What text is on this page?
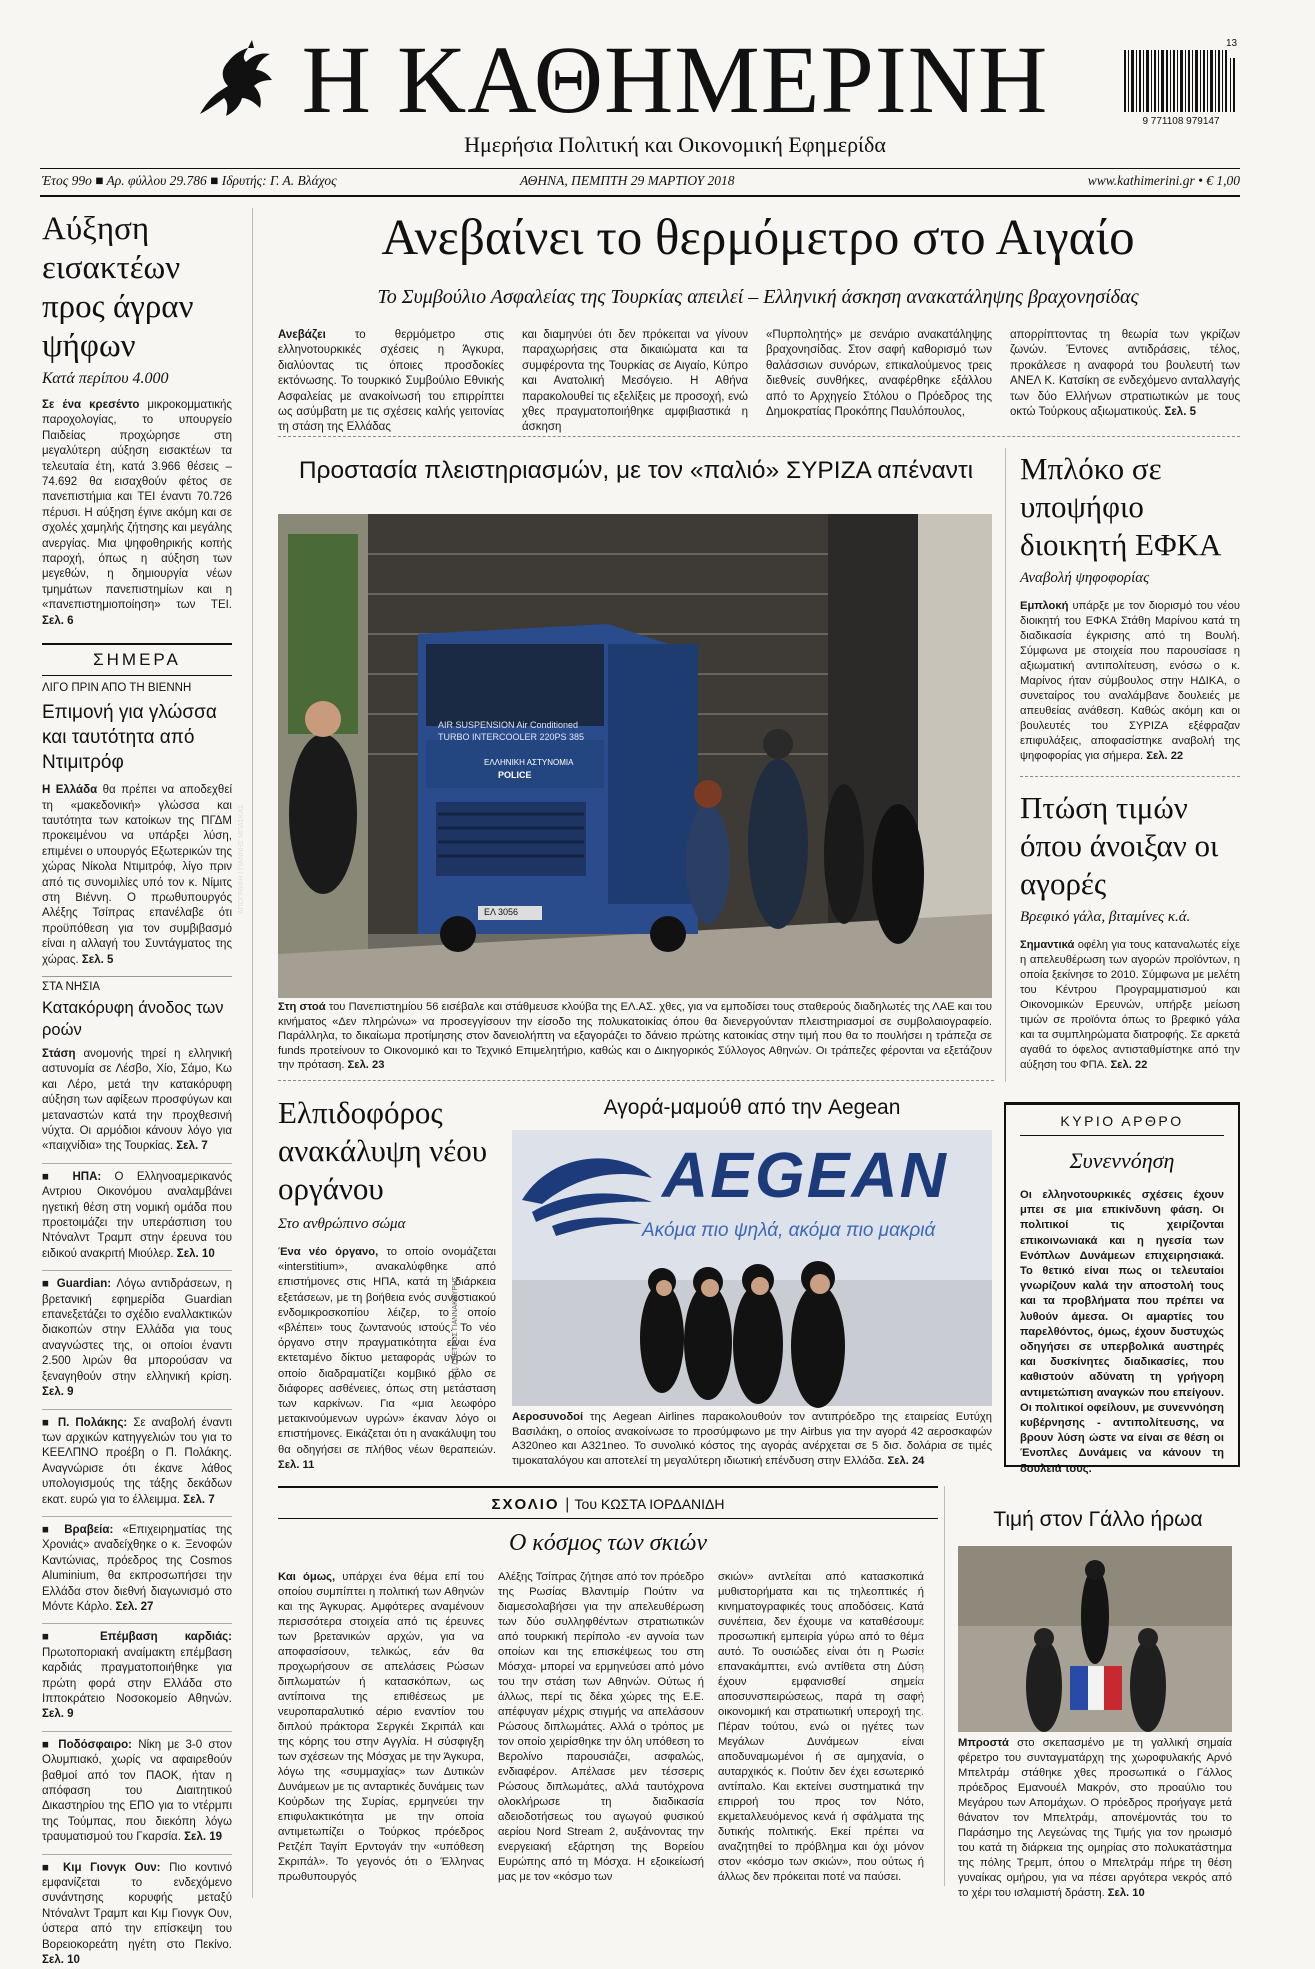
Η ΚΑΘΗΜΕΡΙΝΗ
Ημερήσια Πολιτική και Οικονομική Εφημερίδα
9 771108 979147
13
Έτος 99ο ■ Αρ. φύλλου 29.786 ■ Ιδρυτής: Γ. Α. Βλάχος	ΑΘΗΝΑ, ΠΕΜΠΤΗ 29 ΜΑΡΤΙΟΥ 2018	www.kathimerini.gr • € 1,00
Αύξηση εισακτέων προς άγραν ψήφων
Κατά περίπου 4.000

Σε ένα κρεσέντο μικροκομματικής παροχολογίας, το υπουργείο Παιδείας προχώρησε στη μεγαλύτερη αύξηση εισακτέων τα τελευταία έτη, κατά 3.966 θέσεις – 74.692 θα εισαχθούν φέτος σε πανεπιστήμια και ΤΕΙ έναντι 70.726 πέρυσι. Η αύξηση έγινε ακόμη και σε σχολές χαμηλής ζήτησης και μεγάλης ανεργίας. Μια ψηφοθηρικής κοπής παροχή, όπως η αύξηση των μεγεθών, η δημιουργία νέων τμημάτων πανεπιστημίων και η «πανεπιστημιοποίηση» των ΤΕΙ. Σελ. 6

ΣΗΜΕΡΑ
ΛΙΓΟ ΠΡΙΝ ΑΠΟ ΤΗ ΒΙΕΝΝΗ
Επιμονή για γλώσσα και ταυτότητα από Ντιμιτρόφ

Η Ελλάδα θα πρέπει να αποδεχθεί τη «μακεδονική» γλώσσα και ταυτότητα των κατοίκων της ΠΓΔΜ προκειμένου να υπάρξει λύση, επιμένει ο υπουργός Εξωτερικών της χώρας Νίκολα Ντιμιτρόφ, λίγο πριν από τις συνομιλίες υπό τον κ. Νίμιτς στη Βιέννη. Ο πρωθυπουργός Αλέξης Τσίπρας επανέλαβε ότι προϋπόθεση για τον συμβιβασμό είναι η αλλαγή του Συντάγματος της χώρας. Σελ. 5

ΣΤΑ ΝΗΣΙΑ
Κατακόρυφη άνοδος των ροών

Στάση ανομονής τηρεί η ελληνική αστυνομία σε Λέσβο, Χίο, Σάμο, Κω και Λέρο, μετά την κατακόρυφη αύξηση των αφίξεων προσφύγων και μεταναστών κατά την προχθεσινή νύχτα. Οι αρμόδιοι κάνουν λόγο για «παιχνίδια» της Τουρκίας. Σελ. 7

■ ΗΠΑ: Ο Ελληνοαμερικανός Αντριου Οικονόμου αναλαμβάνει ηγετική θέση στη νομική ομάδα που προετοιμάζει την υπεράσπιση του Ντόναλντ Τραμπ στην έρευνα του ειδικού ανακριτή Μιούλερ. Σελ. 10

■ Guardian: Λόγω αντιδράσεων, η βρετανική εφημερίδα Guardian επανεξετάζει το σχέδιο εναλλακτικών διακοπών στην Ελλάδα για τους αναγνώστες της, οι οποίοι έναντι 2.500 λιρών θα μπορούσαν να ξεναγηθούν στην ελληνική κρίση. Σελ. 9

■ Π. Πολάκης: Σε αναβολή έναντι των αρχικών κατηγγελιών του για το ΚΕΕΛΠΝΟ προέβη ο Π. Πολάκης. Αναγνώρισε ότι έκανε λάθος υπολογισμούς της τάξης δεκάδων εκατ. ευρώ για το έλλειμμα. Σελ. 7

■ Βραβεία: «Επιχειρηματίας της Χρονιάς» αναδείχθηκε ο κ. Ξενοφών Καντώνιας, πρόεδρος της Cosmos Aluminium, θα εκπροσωπήσει την Ελλάδα στον διεθνή διαγωνισμό στο Μόντε Κάρλο. Σελ. 27

■ Επέμβαση καρδιάς: Πρωτοποριακή αναίμακτη επέμβαση καρδιάς πραγματοποιήθηκε για πρώτη φορά στην Ελλάδα στο Ιπποκράτειο Νοσοκομείο Αθηνών. Σελ. 9

■ Ποδόσφαιρο: Νίκη με 3-0 στον Ολυμπιακό, χωρίς να αφαιρεθούν βαθμοί από τον ΠΑΟΚ, ήταν η απόφαση του Διαιτητικού Δικαστηρίου της ΕΠΟ για το ντέρμπι της Τούμπας, που διεκόπη λόγω τραυματισμού του Γκαρσία. Σελ. 19

■ Κιμ Γιονγκ Ουν: Πιο κοντινό εμφανίζεται το ενδεχόμενο συνάντησης κορυφής μεταξύ Ντόναλντ Τραμπ και Κιμ Γιονγκ Ουν, ύστερα από την επίσκεψη του Βορειοκορεάτη ηγέτη στο Πεκίνο. Σελ. 10

Ανεβαίνει το θερμόμετρο στο Αιγαίο
Το Συμβούλιο Ασφαλείας της Τουρκίας απειλεί – Ελληνική άσκηση ανακατάληψης βραχονησίδας

Ανεβάζει το θερμόμετρο στις ελληνοτουρκικές σχέσεις η Άγκυρα, διαλύοντας τις όποιες προσδοκίες εκτόνωσης. Το τουρκικό Συμβούλιο Εθνικής Ασφαλείας με ανακοίνωσή του επιρρίπτει ως ασύμβατη με τις σχέσεις καλής γειτονίας τη στάση της Ελλάδας

και διαμηνύει ότι δεν πρόκειται να γίνουν παραχωρήσεις στα δικαιώματα και τα συμφέροντα της Τουρκίας σε Αιγαίο, Κύπρο και Ανατολική Μεσόγειο. Η Αθήνα παρακολουθεί τις εξελίξεις με προσοχή, ενώ χθες πραγματοποιήθηκε αμφιβιαστικά η άσκηση

«Πυρπολητής» με σενάριο ανακατάληψης βραχονησίδας. Στον σαφή καθορισμό των θαλάσσιων συνόρων, επικαλούμενος τρεις διεθνείς συνθήκες, αναφέρθηκε εξάλλου από το Αρχηγείο Στόλου ο Πρόεδρος της Δημοκρατίας Προκόπης Παυλόπουλος,

απορρίπτοντας τη θεωρία των γκρίζων ζωνών. Έντονες αντιδράσεις, τέλος, προκάλεσε η αναφορά του βουλευτή των ΑΝΕΛ Κ. Κατσίκη σε ενδεχόμενο ανταλλαγής των δύο Ελλήνων στρατιωτικών με τους οκτώ Τούρκους αξιωματικούς. Σελ. 5

Προστασία πλειστηριασμών, με τον «παλιό» ΣΥΡΙΖΑ απέναντι
AIR SUSPENSION Air Conditioned
TURBO INTERCOOLER 220PS 385
ΕΛΛΗΝΙΚΗ ΑΣΤΥΝΟΜΙΑ
POLICE
ΕΛ 3056
ΑΠΟΓΡΑΦΗ / ΓΙΑΝΝΗΣ ΜΠΑΣΚΑΣ

Στη στοά του Πανεπιστημίου 56 εισέβαλε και στάθμευσε κλούβα της ΕΛ.ΑΣ. χθες, για να εμποδίσει τους σταθερούς διαδηλωτές της ΛΑΕ και του κινήματος «Δεν πληρώνω» να προσεγγίσουν την είσοδο της πολυκατοικίας όπου θα διενεργούνταν πλειστηριασμοί σε συμβολαιογραφείο. Παράλληλα, το δικαίωμα προτίμησης στον δανειολήπτη να εξαγοράζει το δάνειο πρώτης κατοικίας στην τιμή που θα το πουλήσει η τράπεζα σε funds προτείνουν το Οικονομικό και το Τεχνικό Επιμελητήριο, καθώς και ο Δικηγορικός Σύλλογος Αθηνών. Οι τράπεζες φέρονται να εξετάζουν την πρόταση. Σελ. 23

Μπλόκο σε υποψήφιο διοικητή ΕΦΚΑ
Αναβολή ψηφοφορίας

Εμπλοκή υπάρξε με τον διορισμό του νέου διοικητή του ΕΦΚΑ Στάθη Μαρίνου κατά τη διαδικασία έγκρισης από τη Βουλή. Σύμφωνα με στοιχεία που παρουσίασε η αξιωματική αντιπολίτευση, ενόσω ο κ. Μαρίνος ήταν σύμβουλος στην ΗΔΙΚΑ, ο συνεταίρος του αναλάμβανε δουλειές με απευθείας ανάθεση. Καθώς ακόμη και οι βουλευτές του ΣΥΡΙΖΑ εξέφραζαν επιφυλάξεις, αποφασίστηκε αναβολή της ψηφοφορίας για σήμερα. Σελ. 22

Πτώση τιμών όπου άνοιξαν οι αγορές
Βρεφικό γάλα, βιταμίνες κ.ά.

Σημαντικά οφέλη για τους καταναλωτές είχε η απελευθέρωση των αγορών προϊόντων, η οποία ξεκίνησε το 2010. Σύμφωνα με μελέτη του Κέντρου Προγραμματισμού και Οικονομικών Ερευνών, υπήρξε μείωση τιμών σε προϊόντα όπως το βρεφικό γάλα και τα συμπληρώματα διατροφής. Σε αρκετά αγαθά το όφελος αντισταθμίστηκε από την αύξηση του ΦΠΑ. Σελ. 22

Ελπιδοφόρος ανακάλυψη νέου οργάνου
Στο ανθρώπινο σώμα

Ένα νέο όργανο, το οποίο ονομάζεται «interstitium», ανακαλύφθηκε από επιστήμονες στις ΗΠΑ, κατά τη διάρκεια εξετάσεων, με τη βοήθεια ενός συνεστιακού ενδομικροσκοπίου λέιζερ, το οποίο «βλέπει» τους ζωντανούς ιστούς. Το νέο όργανο στην πραγματικότητα είναι ένα εκτεταμένο δίκτυο μεταφοράς υγρών το οποίο διαδραματίζει κομβικό ρόλο σε διάφορες ασθένειες, όπως στη μετάσταση των καρκίνων. Για «μια λεωφόρο μετακινούμενων υγρών» έκαναν λόγο οι επιστήμονες. Εικάζεται ότι η ανακάλυψη του θα οδηγήσει σε πλήθος νέων θεραπειών. Σελ. 11

Αγορά-μαμούθ από την Aegean
AEGEAN
Ακόμα πιο ψηλά, ακόμα πιο μακριά
Α.Π. / ΠΕΤΡΟΣ ΓΙΑΝΝΑΚΟΥΡΗΣ

Αεροσυνοδοί της Aegean Airlines παρακολουθούν τον αντιπρόεδρο της εταιρείας Ευτύχη Βασιλάκη, ο οποίος ανακοίνωσε το προσύμφωνο με την Airbus για την αγορά 42 αεροσκαφών A320neo και A321neo. Το συνολικό κόστος της αγοράς ανέρχεται σε 5 δισ. δολάρια σε τιμές τιμοκαταλόγου και αποτελεί τη μεγαλύτερη ιδιωτική επένδυση στην Ελλάδα. Σελ. 24

ΚΥΡΙΟ ΑΡΘΡΟ
Συνεννόηση

Οι ελληνοτουρκικές σχέσεις έχουν μπει σε μια επικίνδυνη φάση. Οι πολιτικοί τις χειρίζονται επικοινωνιακά και η ηγεσία των Ενόπλων Δυνάμεων επιχειρησιακά. Το θετικό είναι πως οι τελευταίοι γνωρίζουν καλά την αποστολή τους και τα προβλήματα που πρέπει να λυθούν άμεσα. Οι αμαρτίες του παρελθόντος, όμως, έχουν δυστυχώς οδηγήσει σε υπερβολικά αυστηρές και δυσκίνητες διαδικασίες, που καθιστούν αδύνατη τη γρήγορη αντιμετώπιση αναγκών που επείγουν. Οι πολιτικοί οφείλουν, με συνεννόηση κυβέρνησης - αντιπολίτευσης, να βρουν λύση ώστε να είναι σε θέση οι Ένοπλες Δυνάμεις να κάνουν τη δουλειά τους.

ΣΧΟΛΙΟ | Του ΚΩΣΤΑ ΙΟΡΔΑΝΙΔΗ
Ο κόσμος των σκιών

Και όμως, υπάρχει ένα θέμα επί του οποίου συμπίπτει η πολιτική των Αθηνών και της Άγκυρας. Αμφότερες αναμένουν περισσότερα στοιχεία από τις έρευνες των βρετανικών αρχών, για να αποφασίσουν, τελικώς, εάν θα προχωρήσουν σε απελάσεις Ρώσων διπλωματών ή κατασκόπων, ως αντίποινα της επιθέσεως με νευροπαραλυτικό αέριο εναντίον του διπλού πράκτορα Σεργκέι Σκριπάλ και της κόρης του στην Αγγλία. Η σύσφιγξη των σχέσεων της Μόσχας με την Άγκυρα, λόγω της «συμμαχίας» των Δυτικών Δυνάμεων με τις ανταρτικές δυνάμεις των Κούρδων της Συρίας, ερμηνεύει την επιφυλακτικότητα με την οποία αντιμετωπίζει ο Τούρκος πρόεδρος Ρετζέπ Ταγίπ Ερντογάν την «υπόθεση Σκριπάλ». Το γεγονός ότι ο Έλληνας πρωθυπουργός

Αλέξης Τσίπρας ζήτησε από τον πρόεδρο της Ρωσίας Βλαντιμίρ Πούτιν να διαμεσολαβήσει για την απελευθέρωση των δύο συλληφθέντων στρατιωτικών από τουρκική περίπολο -εν αγνοία των οποίων και της επισκέψεως του στη Μόσχα- μπορεί να ερμηνεύσει από μόνο του την στάση των Αθηνών. Ούτως ή άλλως, περί τις δέκα χώρες της Ε.Ε. απέφυγαν μέχρις στιγμής να απελάσουν Ρώσους διπλωμάτες. Αλλά ο τρόπος με τον οποίο χειρίσθηκε την όλη υπόθεση το Βερολίνο παρουσιάζει, ασφαλώς, ενδιαφέρον. Απέλασε μεν τέσσερις Ρώσους διπλωμάτες, αλλά ταυτόχρονα ολοκλήρωσε τη διαδικασία αδειοδοτήσεως του αγωγού φυσικού αερίου Nord Stream 2, αυξάνοντας την ενεργειακή εξάρτηση της Βορείου Ευρώπης από τη Μόσχα. Η εξοικείωσή μας με τον «κόσμο των

σκιών» αντλείται από κατασκοπικά μυθιστορήματα και τις τηλεοπτικές ή κινηματογραφικές τους αποδόσεις. Κατά συνέπεια, δεν έχουμε να καταθέσουμε προσωπική εμπειρία γύρω από το θέμα αυτό. Το ουσιώδες είναι ότι η Ρωσία επανακάμπτει, ενώ αντίθετα στη Δύση έχουν εμφανισθεί σημεία αποσυνσπειρώσεως, παρά τη σαφή οικονομική και στρατιωτική υπεροχή της. Πέραν τούτου, ενώ οι ηγέτες των Μεγάλων Δυνάμεων είναι αποδυναμωμένοι ή σε αμηχανία, ο αυταρχικός κ. Πούτιν δεν έχει εσωτερικό αντίπαλο. Και εκτείνει συστηματικά την επιρροή του προς τον Νότο, εκμεταλλευόμενος κενά ή σφάλματα της δυτικής πολιτικής. Εκεί πρέπει να αναζητηθεί το πρόβλημα και όχι μόνον στον «κόσμο των σκιών», που ούτως ή άλλως δεν πρόκειται ποτέ να παύσει.

Τιμή στον Γάλλο ήρωα
ΡΟΪΤΕΡΣ / CHRISTIAN HARTMANN

Μπροστά στο σκεπασμένο με τη γαλλική σημαία φέρετρο του συνταγματάρχη της χωροφυλακής Αρνό Μπελτράμ στάθηκε χθες προσωπικά ο Γάλλος πρόεδρος Εμανουέλ Μακρόν, στο προαύλιο του Μεγάρου των Απομάχων. Ο πρόεδρος προήγαγε μετά θάνατον τον Μπελτράμ, απονέμοντάς του το Παράσημο της Λεγεώνας της Τιμής για τον ηρωισμό του κατά τη διάρκεια της ομηρίας στο πολυκατάστημα της πόλης Τρεμπ, όπου ο Μπελτράμ πήρε τη θέση γυναίκας ομήρου, για να πέσει αργότερα νεκρός από το χέρι του ισλαμιστή δράστη. Σελ. 10
